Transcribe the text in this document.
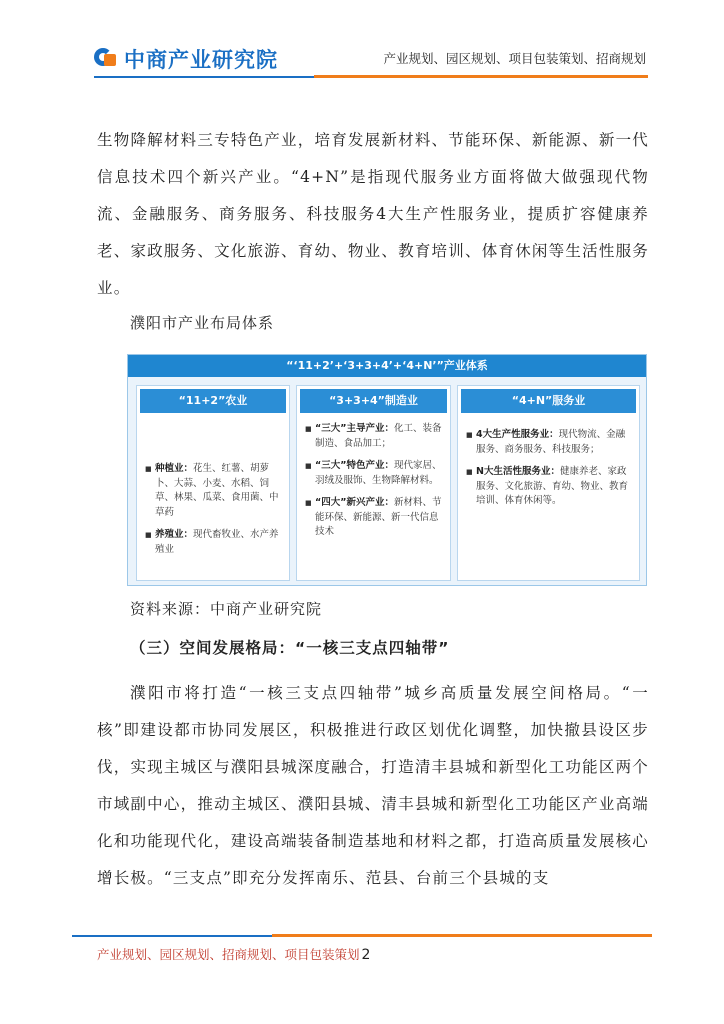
中商产业研究院	产业规划、园区规划、项目包装策划、招商规划

生物降解材料三专特色产业，培育发展新材料、节能环保、新能源、新一代信息技术四个新兴产业。“4+N”是指现代服务业方面将做大做强现代物流、金融服务、商务服务、科技服务4大生产性服务业，提质扩容健康养老、家政服务、文化旅游、育幼、物业、教育培训、体育休闲等生活性服务业。

濮阳市产业布局体系

“‘11+2’+‘3+3+4’+‘4+N’”产业体系
“11+2”农业
■ 种植业：花生、红薯、胡萝卜、大蒜、小麦、水稻、饲草、林果、瓜菜、食用菌、中草药
■ 养殖业：现代畜牧业、水产养殖业
“3+3+4”制造业
■ “三大”主导产业：化工、装备制造、食品加工；
■ “三大”特色产业：现代家居、羽绒及服饰、生物降解材料。
■ “四大”新兴产业：新材料、节能环保、新能源、新一代信息技术
“4+N”服务业
■ 4大生产性服务业：现代物流、金融服务、商务服务、科技服务；
■ N大生活性服务业：健康养老、家政服务、文化旅游、育幼、物业、教育培训、体育休闲等。

资料来源：中商产业研究院

（三）空间发展格局：“一核三支点四轴带”

濮阳市将打造“一核三支点四轴带”城乡高质量发展空间格局。“一核”即建设都市协同发展区，积极推进行政区划优化调整，加快撤县设区步伐，实现主城区与濮阳县城深度融合，打造清丰县城和新型化工功能区两个市域副中心，推动主城区、濮阳县城、清丰县城和新型化工功能区产业高端化和功能现代化，建设高端装备制造基地和材料之都，打造高质量发展核心增长极。“三支点”即充分发挥南乐、范县、台前三个县城的支

产业规划、园区规划、招商规划、项目包装策划 2
